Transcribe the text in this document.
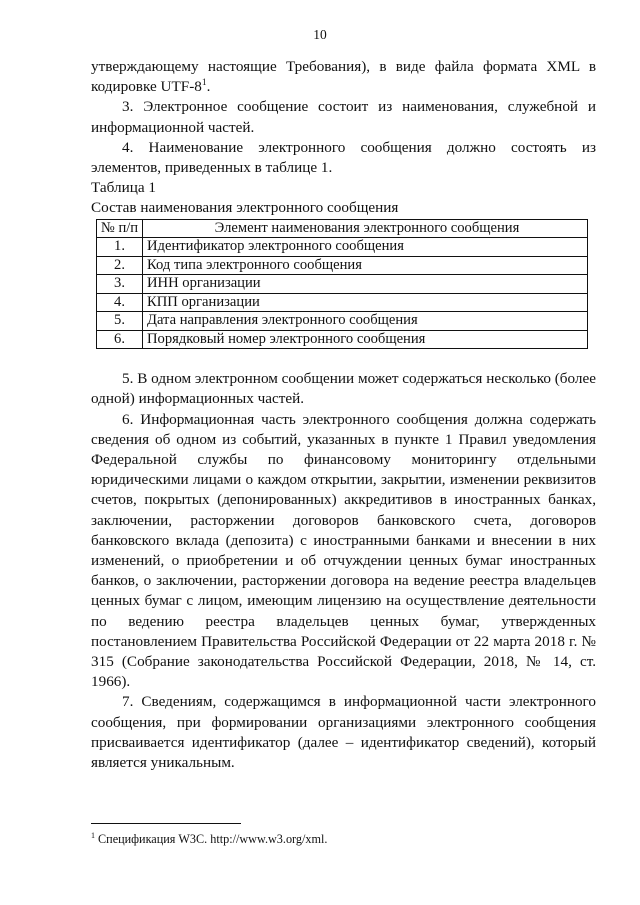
10

утверждающему настоящие Требования), в виде файла формата XML в кодировке UTF-8$^1$.

3. Электронное сообщение состоит из наименования, служебной и информационной частей.

4. Наименование электронного сообщения должно состоять из элементов, приведенных в таблице 1.

Таблица 1

Состав наименования электронного сообщения

№ п/п	Элемент наименования электронного сообщения
1.	Идентификатор электронного сообщения
2.	Код типа электронного сообщения
3.	ИНН организации
4.	КПП организации
5.	Дата направления электронного сообщения
6.	Порядковый номер электронного сообщения

5. В одном электронном сообщении может содержаться несколько (более одной) информационных частей.

6. Информационная часть электронного сообщения должна содержать сведения об одном из событий, указанных в пункте 1 Правил уведомления Федеральной службы по финансовому мониторингу отдельными юридическими лицами о каждом открытии, закрытии, изменении реквизитов счетов, покрытых (депонированных) аккредитивов в иностранных банках, заключении, расторжении договоров банковского счета, договоров банковского вклада (депозита) с иностранными банками и внесении в них изменений, о приобретении и об отчуждении ценных бумаг иностранных банков, о заключении, расторжении договора на ведение реестра владельцев ценных бумаг с лицом, имеющим лицензию на осуществление деятельности по ведению реестра владельцев ценных бумаг, утвержденных постановлением Правительства Российской Федерации от 22 марта 2018 г. № 315 (Собрание законодательства Российской Федерации, 2018, № 14, ст. 1966).

7. Сведениям, содержащимся в информационной части электронного сообщения, при формировании организациями электронного сообщения присваивается идентификатор (далее – идентификатор сведений), который является уникальным.

$^1$ Спецификация W3C. http://www.w3.org/xml.
